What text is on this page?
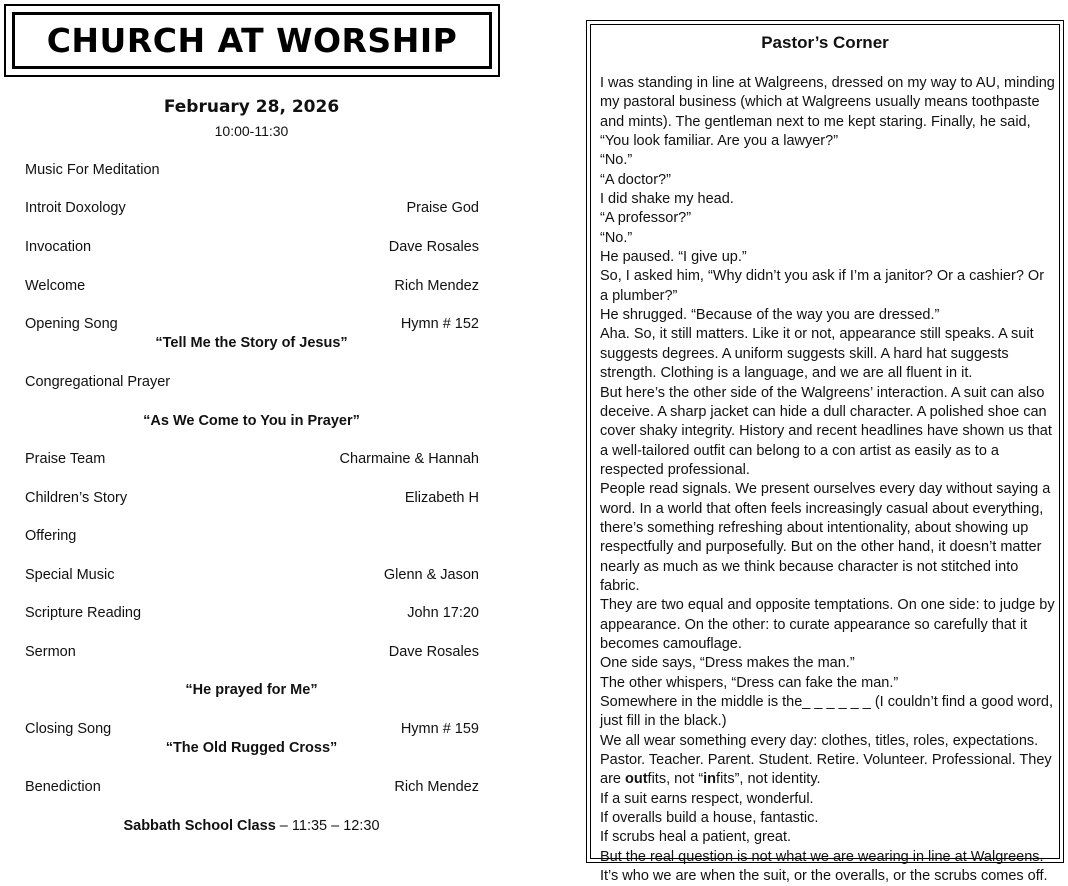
CHURCH AT WORSHIP
February 28, 2026
10:00-11:30
Music For Meditation
Introit Doxology	Praise God
Invocation	Dave Rosales
Welcome	Rich Mendez
Opening Song	Hymn # 152
“Tell Me the Story of Jesus”
Congregational Prayer
“As We Come to You in Prayer”
Praise Team	Charmaine & Hannah
Children’s Story	Elizabeth H
Offering
Special Music	Glenn & Jason
Scripture Reading	John 17:20
Sermon	Dave Rosales
“He prayed for Me”
Closing Song	Hymn # 159
“The Old Rugged Cross”
Benediction	Rich Mendez
Sabbath School Class – 11:35 – 12:30
Pastor’s Corner

I was standing in line at Walgreens, dressed on my way to AU, minding my pastoral business (which at Walgreens usually means toothpaste and mints). The gentleman next to me kept staring. Finally, he said, “You look familiar. Are you a lawyer?”

“No.”

“A doctor?”

I did shake my head.

“A professor?”

“No.”

He paused. “I give up.”

So, I asked him, “Why didn’t you ask if I’m a janitor? Or a cashier? Or a plumber?”

He shrugged. “Because of the way you are dressed.”

Aha. So, it still matters. Like it or not, appearance still speaks. A suit suggests degrees. A uniform suggests skill. A hard hat suggests strength. Clothing is a language, and we are all fluent in it.

But here’s the other side of the Walgreens’ interaction. A suit can also deceive. A sharp jacket can hide a dull character. A polished shoe can cover shaky integrity. History and recent headlines have shown us that a well-tailored outfit can belong to a con artist as easily as to a respected professional.

People read signals. We present ourselves every day without saying a word. In a world that often feels increasingly casual about everything, there’s something refreshing about intentionality, about showing up respectfully and purposefully. But on the other hand, it doesn’t matter nearly as much as we think because character is not stitched into fabric.

They are two equal and opposite temptations. On one side: to judge by appearance. On the other: to curate appearance so carefully that it becomes camouflage.

One side says, “Dress makes the man.”

The other whispers, “Dress can fake the man.”

Somewhere in the middle is the_ _ _ _ _ _ (I couldn’t find a good word, just fill in the black.)

We all wear something every day: clothes, titles, roles, expectations. Pastor. Teacher. Parent. Student. Retire. Volunteer. Professional. They are outfits, not “infits”, not identity.

If a suit earns respect, wonderful.

If overalls build a house, fantastic.

If scrubs heal a patient, great.

But the real question is not what we are wearing in line at Walgreens. It’s who we are when the suit, or the overalls, or the scrubs comes off.
